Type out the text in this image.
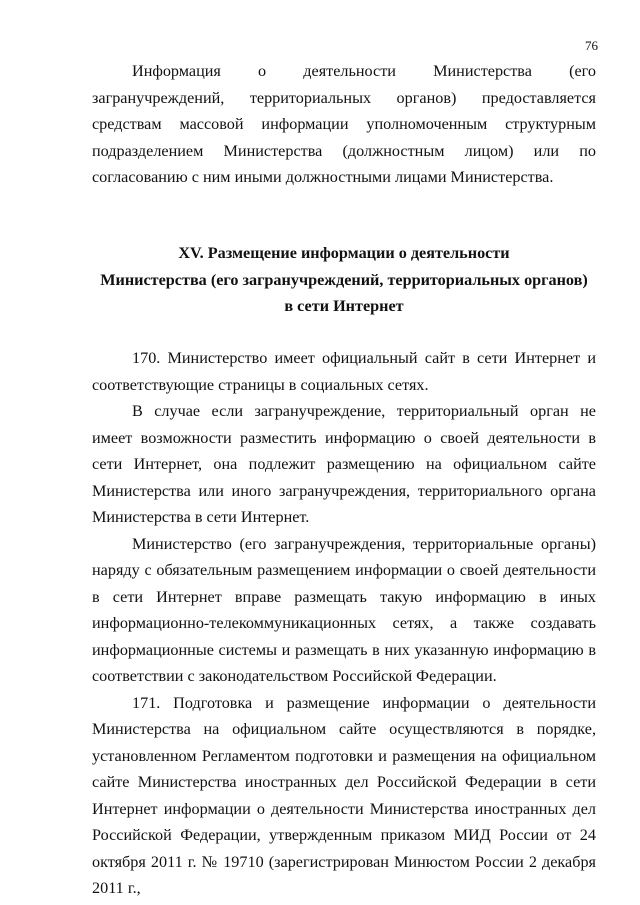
76

Информация о деятельности Министерства (его загранучреждений, территориальных органов) предоставляется средствам массовой информации уполномоченным структурным подразделением Министерства (должностным лицом) или по согласованию с ним иными должностными лицами Министерства.

XV. Размещение информации о деятельности
Министерства (его загранучреждений, территориальных органов)
в сети Интернет

170. Министерство имеет официальный сайт в сети Интернет и соответствующие страницы в социальных сетях.

В случае если загранучреждение, территориальный орган не имеет возможности разместить информацию о своей деятельности в сети Интернет, она подлежит размещению на официальном сайте Министерства или иного загранучреждения, территориального органа Министерства в сети Интернет.

Министерство (его загранучреждения, территориальные органы) наряду с обязательным размещением информации о своей деятельности в сети Интернет вправе размещать такую информацию в иных информационно-телекоммуникационных сетях, а также создавать информационные системы и размещать в них указанную информацию в соответствии с законодательством Российской Федерации.

171. Подготовка и размещение информации о деятельности Министерства на официальном сайте осуществляются в порядке, установленном Регламентом подготовки и размещения на официальном сайте Министерства иностранных дел Российской Федерации в сети Интернет информации о деятельности Министерства иностранных дел Российской Федерации, утвержденным приказом МИД России от 24 октября 2011 г. № 19710 (зарегистрирован Минюстом России 2 декабря 2011 г.,
